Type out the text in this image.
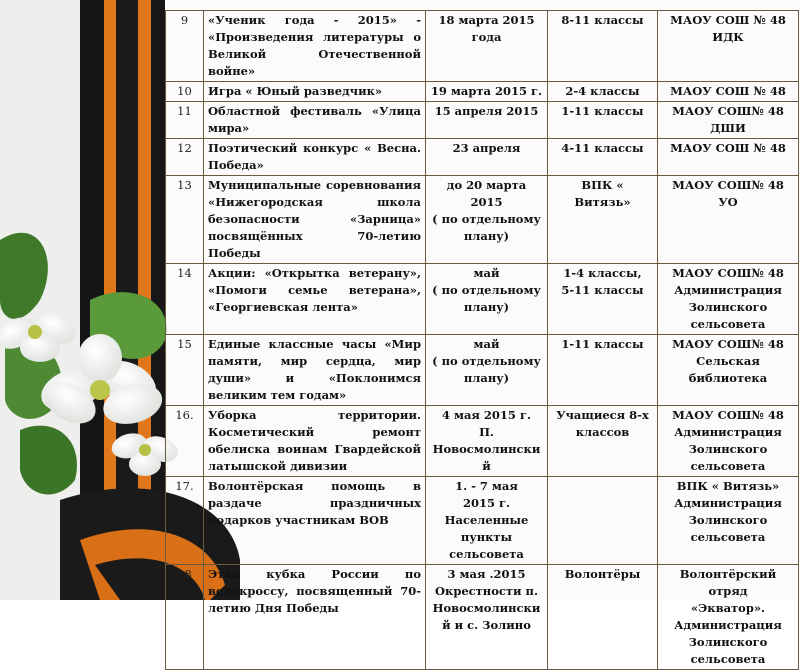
9	«Ученик года - 2015» - «Произведения литературы о Великой Отечественной войне»	18 марта 2015 года	8-11 классы	МАОУ СОШ № 48
ИДК

10	Игра « Юный разведчик»	19 марта 2015 г.	2-4 классы	МАОУ СОШ № 48

11	Областной фестиваль «Улица мира»	15 апреля 2015	1-11 классы	МАОУ СОШ№ 48
ДШИ

12	Поэтический конкурс « Весна. Победа»	23 апреля	4-11 классы	МАОУ СОШ № 48

13	Муниципальные соревнования «Нижегородская школа безопасности «Зарница» посвящённых 70-летию Победы	до 20 марта
2015
( по отдельному
плану)	ВПК «
Витязь»	МАОУ СОШ№ 48
УО

14	Акции: «Открытка ветерану», «Помоги семье ветерана», «Георгиевская лента»	май
( по отдельному
плану)	1-4 классы,
5-11 классы	МАОУ СОШ№ 48
Администрация
Золинского сельсовета

15	Единые классные часы «Мир памяти, мир сердца, мир души» и «Поклонимся великим тем годам»	май
( по отдельному
плану)	1-11 классы	МАОУ СОШ№ 48
Сельская библиотека

16.	Уборка территории. Косметический ремонт обелиска воинам Гвардейской латышской дивизии	4 мая 2015 г.
П.
Новосмолински
й	Учащиеся 8-х
классов	МАОУ СОШ№ 48
Администрация
Золинского сельсовета

17.	Волонтёрская помощь в раздаче праздничных подарков участникам ВОВ	1. - 7 мая
2015 г.
Населенные
пункты
сельсовета		ВПК « Витязь»
Администрация
Золинского сельсовета

18	Этап кубка России по велокроссу, посвященный 70-летию Дня Победы	3 мая .2015
Окрестности п.
Новосмолински
й и с. Золино	Волонтёры	Волонтёрский отряд
«Экватор».
Администрация
Золинского сельсовета
